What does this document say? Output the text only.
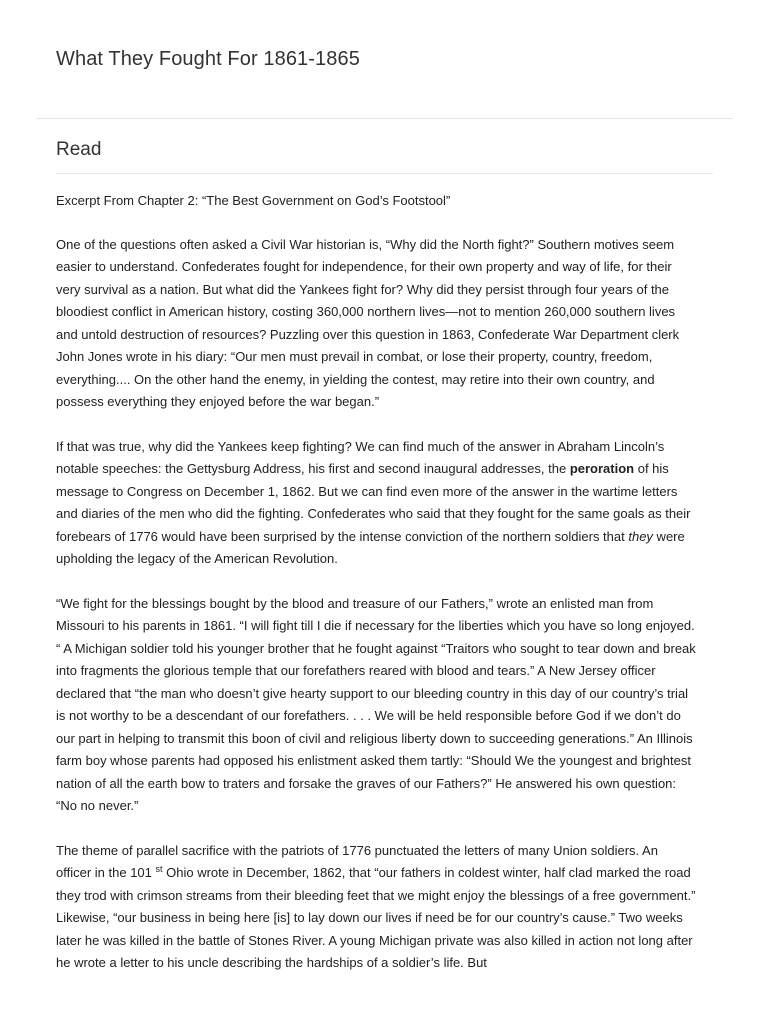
What They Fought For 1861-1865
Read

Excerpt From Chapter 2: “The Best Government on God’s Footstool”

One of the questions often asked a Civil War historian is, “Why did the North fight?” Southern motives seem easier to understand. Confederates fought for independence, for their own property and way of life, for their very survival as a nation. But what did the Yankees fight for? Why did they persist through four years of the bloodiest conflict in American history, costing 360,000 northern lives—not to mention 260,000 southern lives and untold destruction of resources? Puzzling over this question in 1863, Confederate War Department clerk John Jones wrote in his diary: “Our men must prevail in combat, or lose their property, country, freedom, everything.... On the other hand the enemy, in yielding the contest, may retire into their own country, and possess everything they enjoyed before the war began.”

If that was true, why did the Yankees keep fighting? We can find much of the answer in Abraham Lincoln’s notable speeches: the Gettysburg Address, his first and second inaugural addresses, the peroration of his message to Congress on December 1, 1862. But we can find even more of the answer in the wartime letters and diaries of the men who did the fighting. Confederates who said that they fought for the same goals as their forebears of 1776 would have been surprised by the intense conviction of the northern soldiers that they were upholding the legacy of the American Revolution.

“We fight for the blessings bought by the blood and treasure of our Fathers,” wrote an enlisted man from Missouri to his parents in 1861. “I will fight till I die if necessary for the liberties which you have so long enjoyed. “ A Michigan soldier told his younger brother that he fought against “Traitors who sought to tear down and break into fragments the glorious temple that our forefathers reared with blood and tears.” A New Jersey officer declared that “the man who doesn’t give hearty support to our bleeding country in this day of our country’s trial is not worthy to be a descendant of our forefathers. . . . We will be held responsible before God if we don’t do our part in helping to transmit this boon of civil and religious liberty down to succeeding generations.” An Illinois farm boy whose parents had opposed his enlistment asked them tartly: “Should We the youngest and brightest nation of all the earth bow to traters and forsake the graves of our Fathers?” He answered his own question: “No no never.”

The theme of parallel sacrifice with the patriots of 1776 punctuated the letters of many Union soldiers. An officer in the 101 $^{st}$ Ohio wrote in December, 1862, that “our fathers in coldest winter, half clad marked the road they trod with crimson streams from their bleeding feet that we might enjoy the blessings of a free government.” Likewise, “our business in being here [is] to lay down our lives if need be for our country’s cause.” Two weeks later he was killed in the battle of Stones River. A young Michigan private was also killed in action not long after he wrote a letter to his uncle describing the hardships of a soldier’s life. But
